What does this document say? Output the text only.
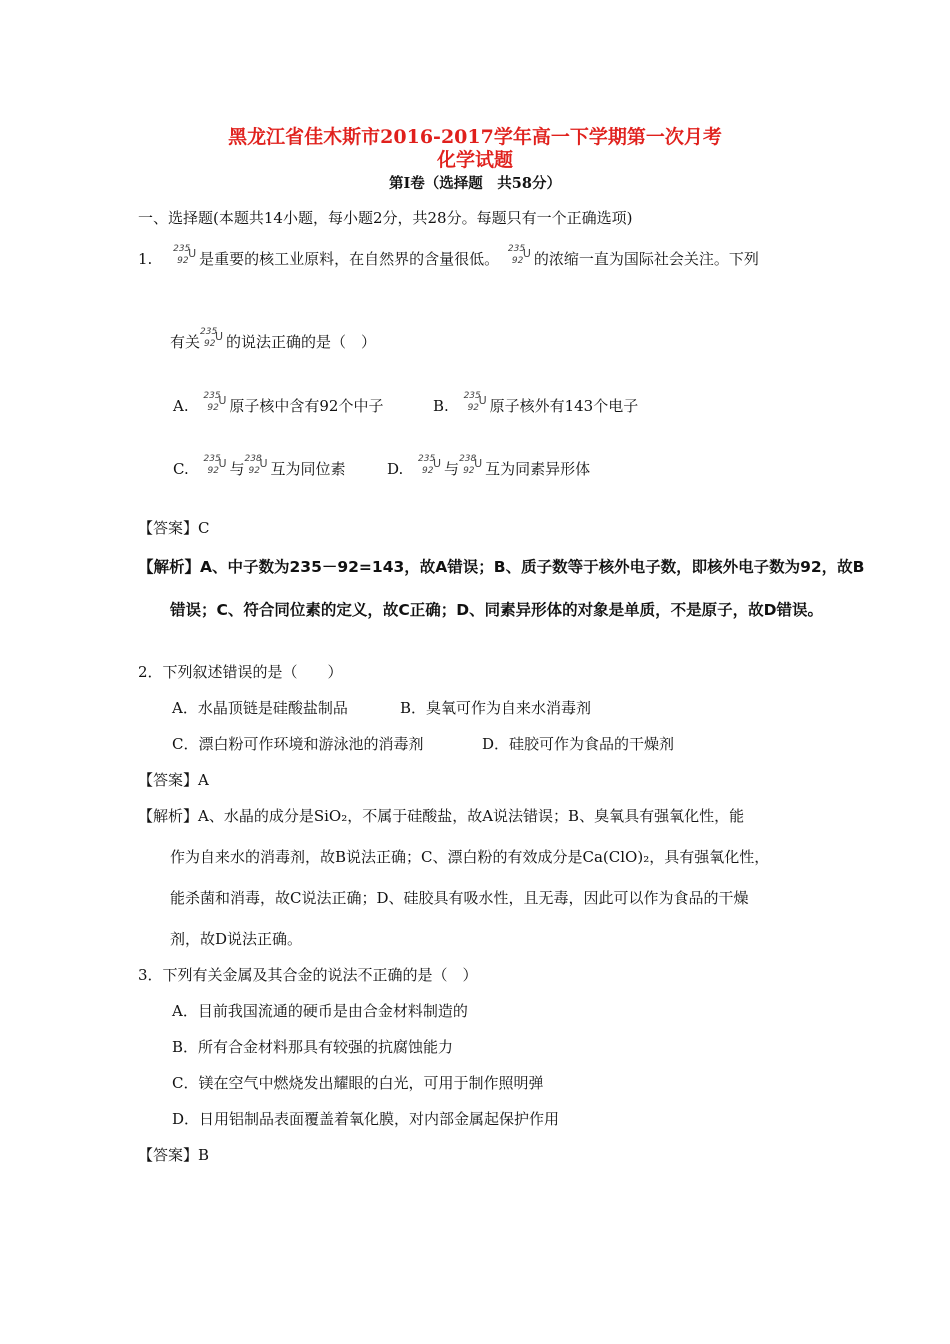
黑龙江省佳木斯市2016-2017学年高一下学期第一次月考
化学试题
第Ⅰ卷（选择题　共58分）
一、选择题(本题共14小题，每小题2分，共28分。每题只有一个正确选项)
1.
235
92
U 是重要的核工业原料，在自然界的含量很低。
235
92
U 的浓缩一直为国际社会关注。下列
有关
235
92
U 的说法正确的是（　）
A.
235
92
U 原子核中含有92个中子	B.
235
92
U 原子核外有143个电子
C.
235
92
U 与
238
92
U 互为同位素	D.
235
92
U 与
238
92
U 互为同素异形体
【答案】C
【解析】A、中子数为235－92=143，故A错误；B、质子数等于核外电子数，即核外电子数为92，故B
错误；C、符合同位素的定义，故C正确；D、同素异形体的对象是单质，不是原子，故D错误。
2．下列叙述错误的是（　　）
A．水晶顶链是硅酸盐制品	B．臭氧可作为自来水消毒剂
C．漂白粉可作环境和游泳池的消毒剂	D．硅胶可作为食品的干燥剂
【答案】A
【解析】A、水晶的成分是SiO₂，不属于硅酸盐，故A说法错误；B、臭氧具有强氧化性，能
作为自来水的消毒剂，故B说法正确；C、漂白粉的有效成分是Ca(ClO)₂，具有强氧化性，
能杀菌和消毒，故C说法正确；D、硅胶具有吸水性，且无毒，因此可以作为食品的干燥
剂，故D说法正确。
3．下列有关金属及其合金的说法不正确的是（　）
A．目前我国流通的硬币是由合金材料制造的
B．所有合金材料那具有较强的抗腐蚀能力
C．镁在空气中燃烧发出耀眼的白光，可用于制作照明弹
D．日用铝制品表面覆盖着氧化膜，对内部金属起保护作用
【答案】B
